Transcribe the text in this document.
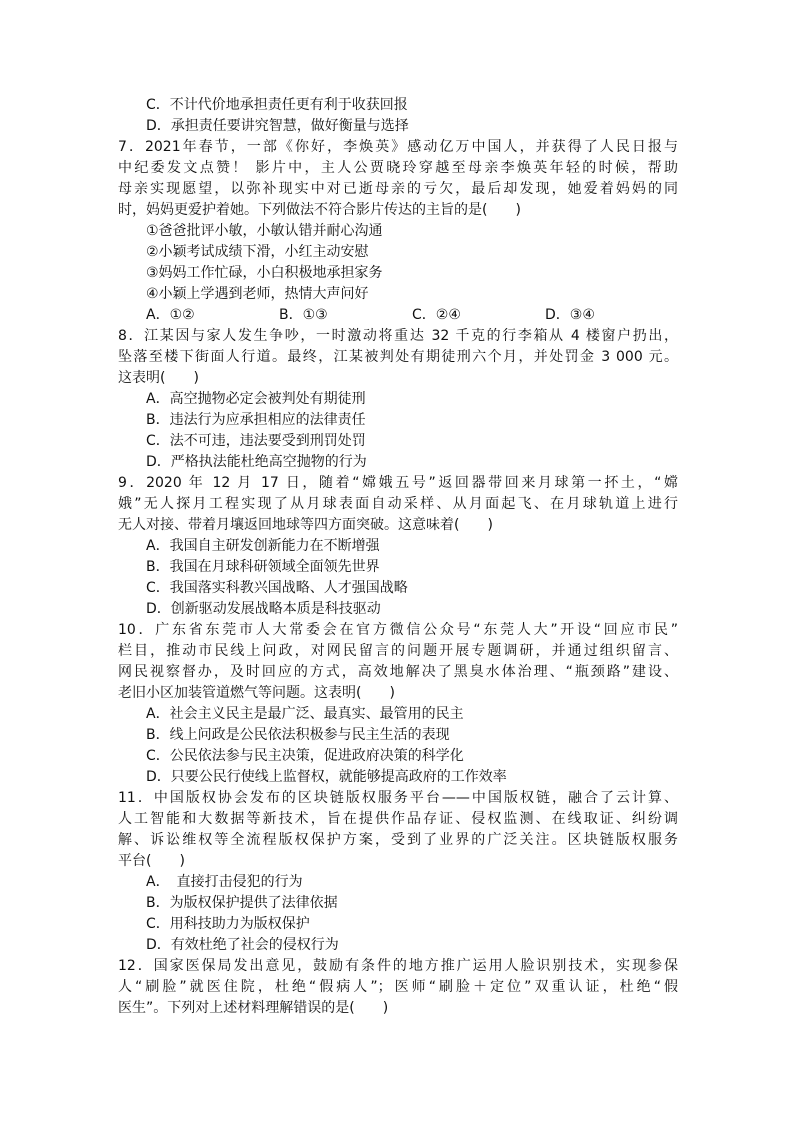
C．不计代价地承担责任更有利于收获回报
D．承担责任要讲究智慧，做好衡量与选择
7．2021年春节，一部《你好，李焕英》感动亿万中国人，并获得了人民日报与
中纪委发文点赞！ 影片中，主人公贾晓玲穿越至母亲李焕英年轻的时候，帮助
母亲实现愿望，以弥补现实中对已逝母亲的亏欠，最后却发现，她爱着妈妈的同
时，妈妈更爱护着她。下列做法不符合影片传达的主旨的是(　　)
①爸爸批评小敏，小敏认错并耐心沟通
②小颖考试成绩下滑，小红主动安慰
③妈妈工作忙碌，小白积极地承担家务
④小颖上学遇到老师，热情大声问好
A．①②	B．①③	C．②④	D．③④
8．江某因与家人发生争吵，一时激动将重达 32 千克的行李箱从 4 楼窗户扔出，
坠落至楼下街面人行道。最终，江某被判处有期徒刑六个月，并处罚金 3 000 元。
这表明(　　)
A．高空抛物必定会被判处有期徒刑
B．违法行为应承担相应的法律责任
C．法不可违，违法要受到刑罚处罚
D．严格执法能杜绝高空抛物的行为
9．2020 年 12 月 17 日，随着“嫦娥五号”返回器带回来月球第一抔土，“嫦
娥”无人探月工程实现了从月球表面自动采样、从月面起飞、在月球轨道上进行
无人对接、带着月壤返回地球等四方面突破。这意味着(　　)
A．我国自主研发创新能力在不断增强
B．我国在月球科研领域全面领先世界
C．我国落实科教兴国战略、人才强国战略
D．创新驱动发展战略本质是科技驱动
10．广东省东莞市人大常委会在官方微信公众号“东莞人大”开设“回应市民”
栏目，推动市民线上问政，对网民留言的问题开展专题调研，并通过组织留言、
网民视察督办，及时回应的方式，高效地解决了黑臭水体治理、“瓶颈路”建设、
老旧小区加装管道燃气等问题。这表明(　　)
A．社会主义民主是最广泛、最真实、最管用的民主
B．线上问政是公民依法积极参与民主生活的表现
C．公民依法参与民主决策，促进政府决策的科学化
D．只要公民行使线上监督权，就能够提高政府的工作效率
11．中国版权协会发布的区块链版权服务平台——中国版权链，融合了云计算、
人工智能和大数据等新技术，旨在提供作品存证、侵权监测、在线取证、纠纷调
解、诉讼维权等全流程版权保护方案，受到了业界的广泛关注。区块链版权服务
平台(　　)
A．　直接打击侵犯的行为
B．为版权保护提供了法律依据
C．用科技助力为版权保护
D．有效杜绝了社会的侵权行为
12．国家医保局发出意见，鼓励有条件的地方推广运用人脸识别技术，实现参保
人“刷脸”就医住院，杜绝“假病人”；医师“刷脸＋定位”双重认证，杜绝“假
医生”。下列对上述材料理解错误的是(　　)
